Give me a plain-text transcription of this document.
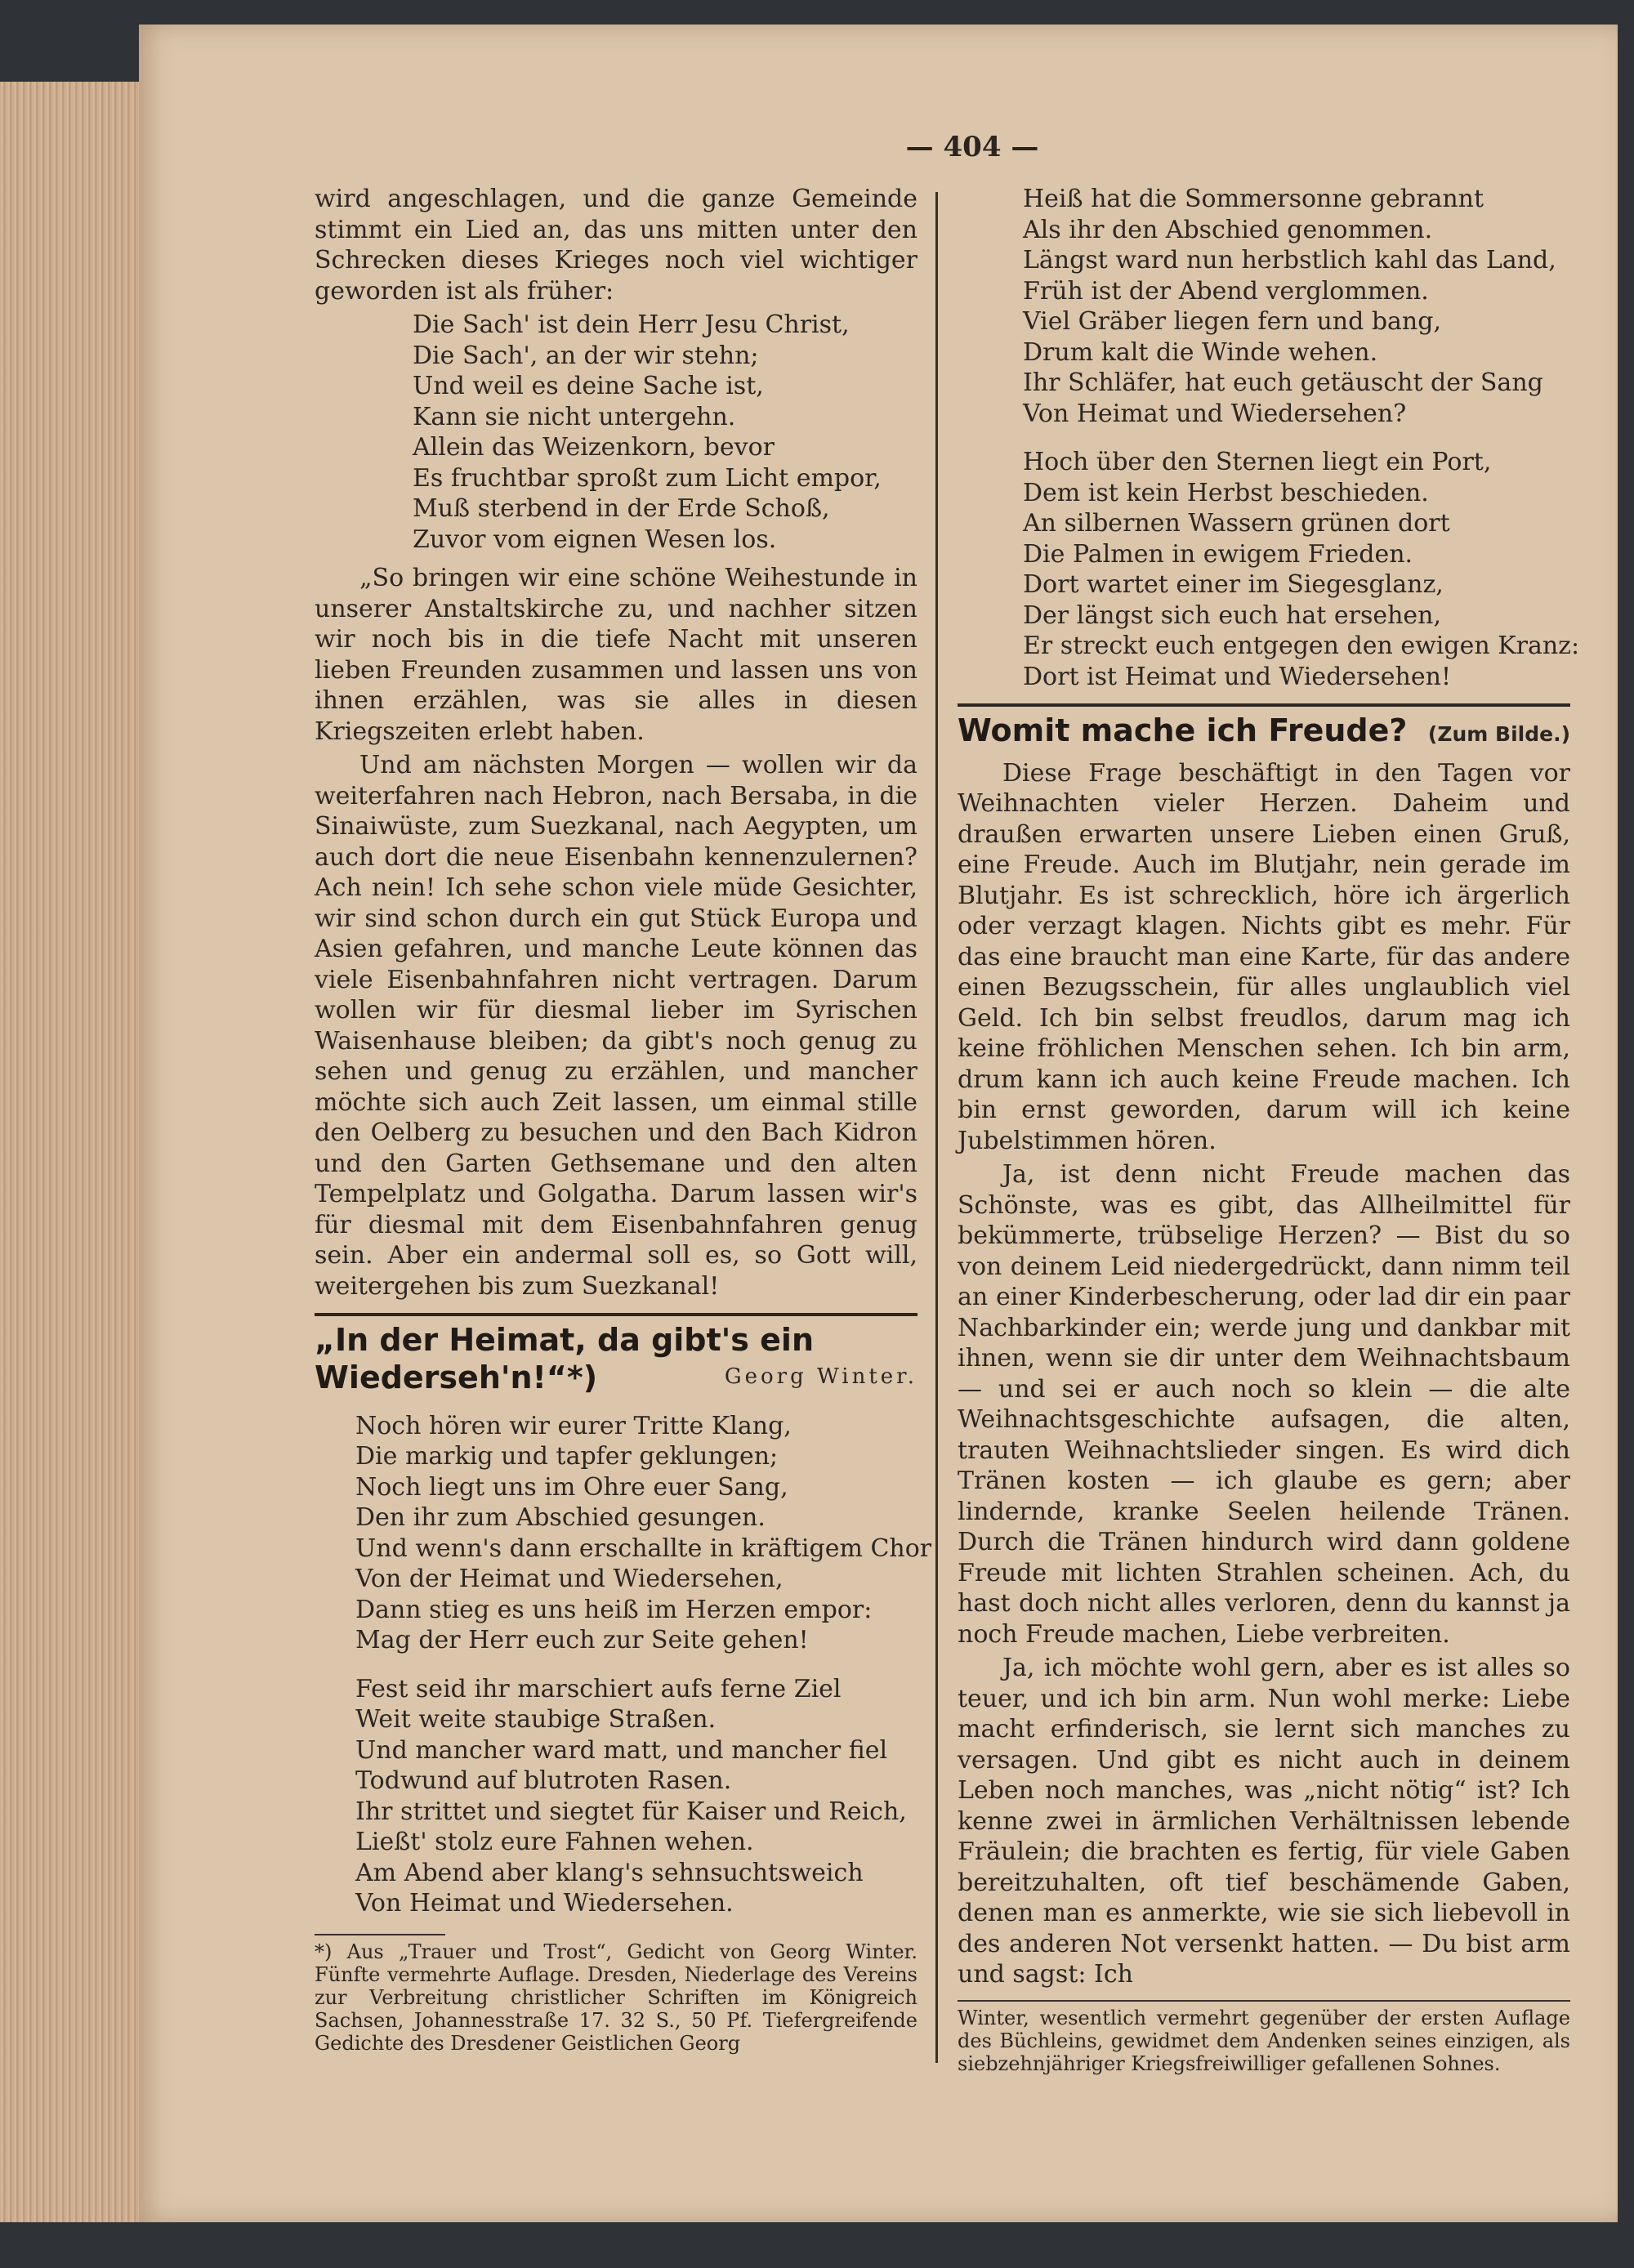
— 404 —

wird angeschlagen, und die ganze Gemeinde stimmt ein Lied an, das uns mitten unter den Schrecken dieses Krieges noch viel wichtiger geworden ist als früher:

Die Sach' ist dein Herr Jesu Christ,
Die Sach', an der wir stehn;
Und weil es deine Sache ist,
Kann sie nicht untergehn.
Allein das Weizenkorn, bevor
Es fruchtbar sproßt zum Licht empor,
Muß sterbend in der Erde Schoß,
Zuvor vom eignen Wesen los.

„So bringen wir eine schöne Weihestunde in unserer Anstaltskirche zu, und nachher sitzen wir noch bis in die tiefe Nacht mit unseren lieben Freunden zusammen und lassen uns von ihnen erzählen, was sie alles in diesen Kriegszeiten erlebt haben.

Und am nächsten Morgen — wollen wir da weiterfahren nach Hebron, nach Bersaba, in die Sinaiwüste, zum Suezkanal, nach Aegypten, um auch dort die neue Eisenbahn kennenzulernen? Ach nein! Ich sehe schon viele müde Gesichter, wir sind schon durch ein gut Stück Europa und Asien gefahren, und manche Leute können das viele Eisenbahnfahren nicht vertragen. Darum wollen wir für diesmal lieber im Syrischen Waisenhause bleiben; da gibt's noch genug zu sehen und genug zu erzählen, und mancher möchte sich auch Zeit lassen, um einmal stille den Oelberg zu besuchen und den Bach Kidron und den Garten Gethsemane und den alten Tempelplatz und Golgatha. Darum lassen wir's für diesmal mit dem Eisenbahnfahren genug sein. Aber ein andermal soll es, so Gott will, weitergehen bis zum Suezkanal!

„In der Heimat, da gibt's ein Wiederseh'n!“*)	Georg Winter.
Noch hören wir eurer Tritte Klang,
Die markig und tapfer geklungen;
Noch liegt uns im Ohre euer Sang,
Den ihr zum Abschied gesungen.
Und wenn's dann erschallte in kräftigem Chor
Von der Heimat und Wiedersehen,
Dann stieg es uns heiß im Herzen empor:
Mag der Herr euch zur Seite gehen!
Fest seid ihr marschiert aufs ferne Ziel
Weit weite staubige Straßen.
Und mancher ward matt, und mancher fiel
Todwund auf blutroten Rasen.
Ihr strittet und siegtet für Kaiser und Reich,
Ließt' stolz eure Fahnen wehen.
Am Abend aber klang's sehnsuchtsweich
Von Heimat und Wiedersehen.
*) Aus „Trauer und Trost“, Gedicht von Georg Winter. Fünfte vermehrte Auflage. Dresden, Niederlage des Vereins zur Verbreitung christlicher Schriften im Königreich Sachsen, Johannesstraße 17. 32 S., 50 Pf. Tiefergreifende Gedichte des Dresdener Geistlichen Georg
Heiß hat die Sommersonne gebrannt
Als ihr den Abschied genommen.
Längst ward nun herbstlich kahl das Land,
Früh ist der Abend verglommen.
Viel Gräber liegen fern und bang,
Drum kalt die Winde wehen.
Ihr Schläfer, hat euch getäuscht der Sang
Von Heimat und Wiedersehen?
Hoch über den Sternen liegt ein Port,
Dem ist kein Herbst beschieden.
An silbernen Wassern grünen dort
Die Palmen in ewigem Frieden.
Dort wartet einer im Siegesglanz,
Der längst sich euch hat ersehen,
Er streckt euch entgegen den ewigen Kranz:
Dort ist Heimat und Wiedersehen!
Womit mache ich Freude? (Zum Bilde.)

Diese Frage beschäftigt in den Tagen vor Weihnachten vieler Herzen. Daheim und draußen erwarten unsere Lieben einen Gruß, eine Freude. Auch im Blutjahr, nein gerade im Blutjahr. Es ist schrecklich, höre ich ärgerlich oder verzagt klagen. Nichts gibt es mehr. Für das eine braucht man eine Karte, für das andere einen Bezugsschein, für alles unglaublich viel Geld. Ich bin selbst freudlos, darum mag ich keine fröhlichen Menschen sehen. Ich bin arm, drum kann ich auch keine Freude machen. Ich bin ernst geworden, darum will ich keine Jubelstimmen hören.

Ja, ist denn nicht Freude machen das Schönste, was es gibt, das Allheilmittel für bekümmerte, trübselige Herzen? — Bist du so von deinem Leid niedergedrückt, dann nimm teil an einer Kinderbescherung, oder lad dir ein paar Nachbarkinder ein; werde jung und dankbar mit ihnen, wenn sie dir unter dem Weihnachtsbaum — und sei er auch noch so klein — die alte Weihnachtsgeschichte aufsagen, die alten, trauten Weihnachtslieder singen. Es wird dich Tränen kosten — ich glaube es gern; aber lindernde, kranke Seelen heilende Tränen. Durch die Tränen hindurch wird dann goldene Freude mit lichten Strahlen scheinen. Ach, du hast doch nicht alles verloren, denn du kannst ja noch Freude machen, Liebe verbreiten.

Ja, ich möchte wohl gern, aber es ist alles so teuer, und ich bin arm. Nun wohl merke: Liebe macht erfinderisch, sie lernt sich manches zu versagen. Und gibt es nicht auch in deinem Leben noch manches, was „nicht nötig“ ist? Ich kenne zwei in ärmlichen Verhältnissen lebende Fräulein; die brachten es fertig, für viele Gaben bereitzuhalten, oft tief beschämende Gaben, denen man es anmerkte, wie sie sich liebevoll in des anderen Not versenkt hatten. — Du bist arm und sagst: Ich

Winter, wesentlich vermehrt gegenüber der ersten Auflage des Büchleins, gewidmet dem Andenken seines einzigen, als siebzehnjähriger Kriegsfreiwilliger gefallenen Sohnes.
